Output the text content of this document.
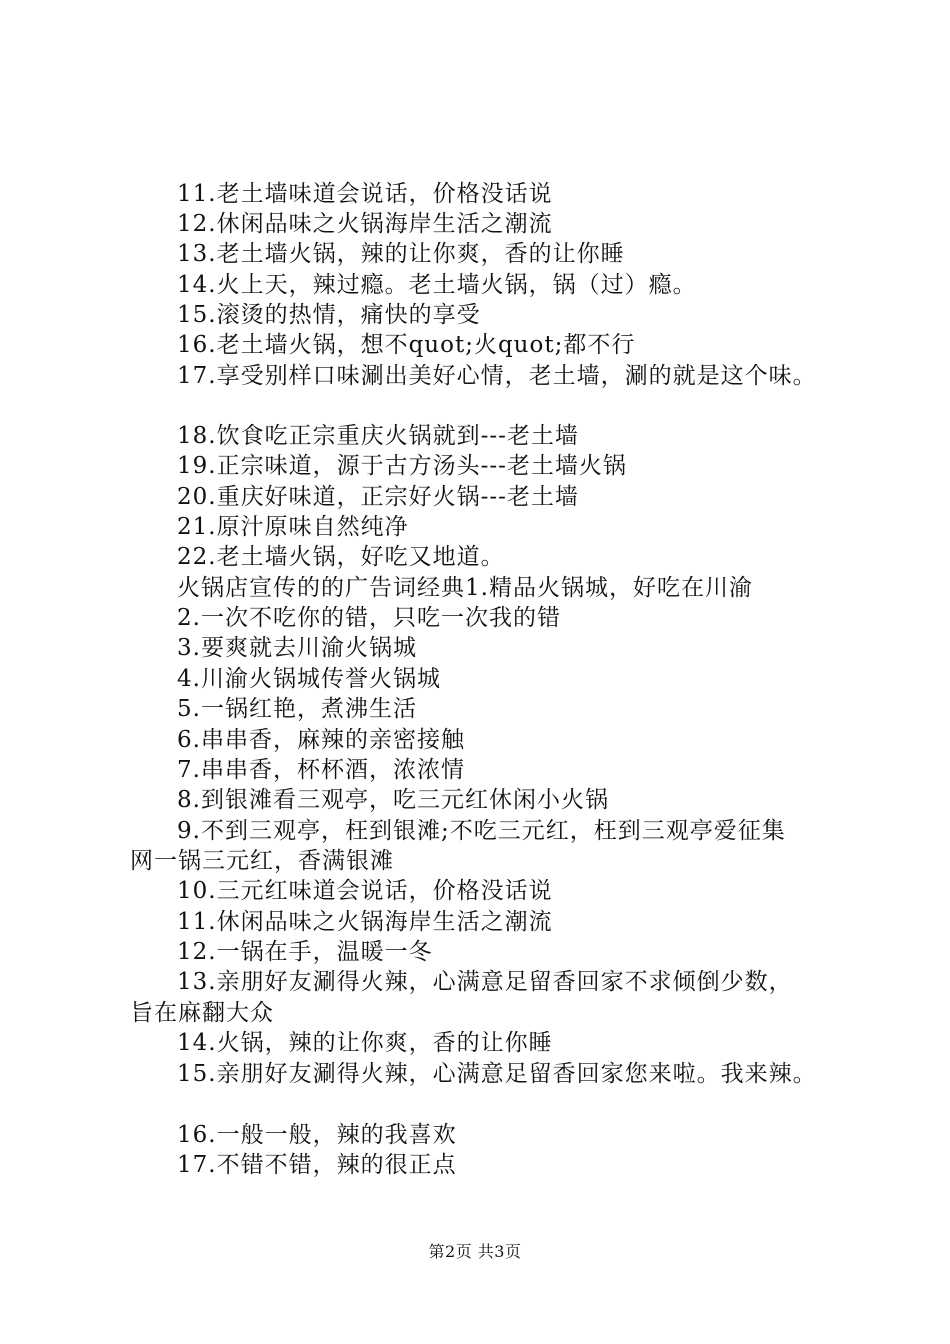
11.老土墙味道会说话，价格没话说
12.休闲品味之火锅海岸生活之潮流
13.老土墙火锅，辣的让你爽，香的让你睡
14.火上天，辣过瘾。老土墙火锅，锅（过）瘾。
15.滚烫的热情，痛快的享受
16.老土墙火锅，想不quot;火quot;都不行
17.享受别样口味涮出美好心情，老土墙，涮的就是这个味。
18.饮食吃正宗重庆火锅就到---老土墙
19.正宗味道，源于古方汤头---老土墙火锅
20.重庆好味道，正宗好火锅---老土墙
21.原汁原味自然纯净
22.老土墙火锅，好吃又地道。
火锅店宣传的的广告词经典1.精品火锅城，好吃在川渝
2.一次不吃你的错，只吃一次我的错
3.要爽就去川渝火锅城
4.川渝火锅城传誉火锅城
5.一锅红艳，煮沸生活
6.串串香，麻辣的亲密接触
7.串串香，杯杯酒，浓浓情
8.到银滩看三观亭，吃三元红休闲小火锅
9.不到三观亭，枉到银滩;不吃三元红，枉到三观亭爱征集
网一锅三元红，香满银滩
10.三元红味道会说话，价格没话说
11.休闲品味之火锅海岸生活之潮流
12.一锅在手，温暖一冬
13.亲朋好友涮得火辣，心满意足留香回家不求倾倒少数，
旨在麻翻大众
14.火锅，辣的让你爽，香的让你睡
15.亲朋好友涮得火辣，心满意足留香回家您来啦。我来辣。
16.一般一般，辣的我喜欢
17.不错不错，辣的很正点
第2页 共3页
